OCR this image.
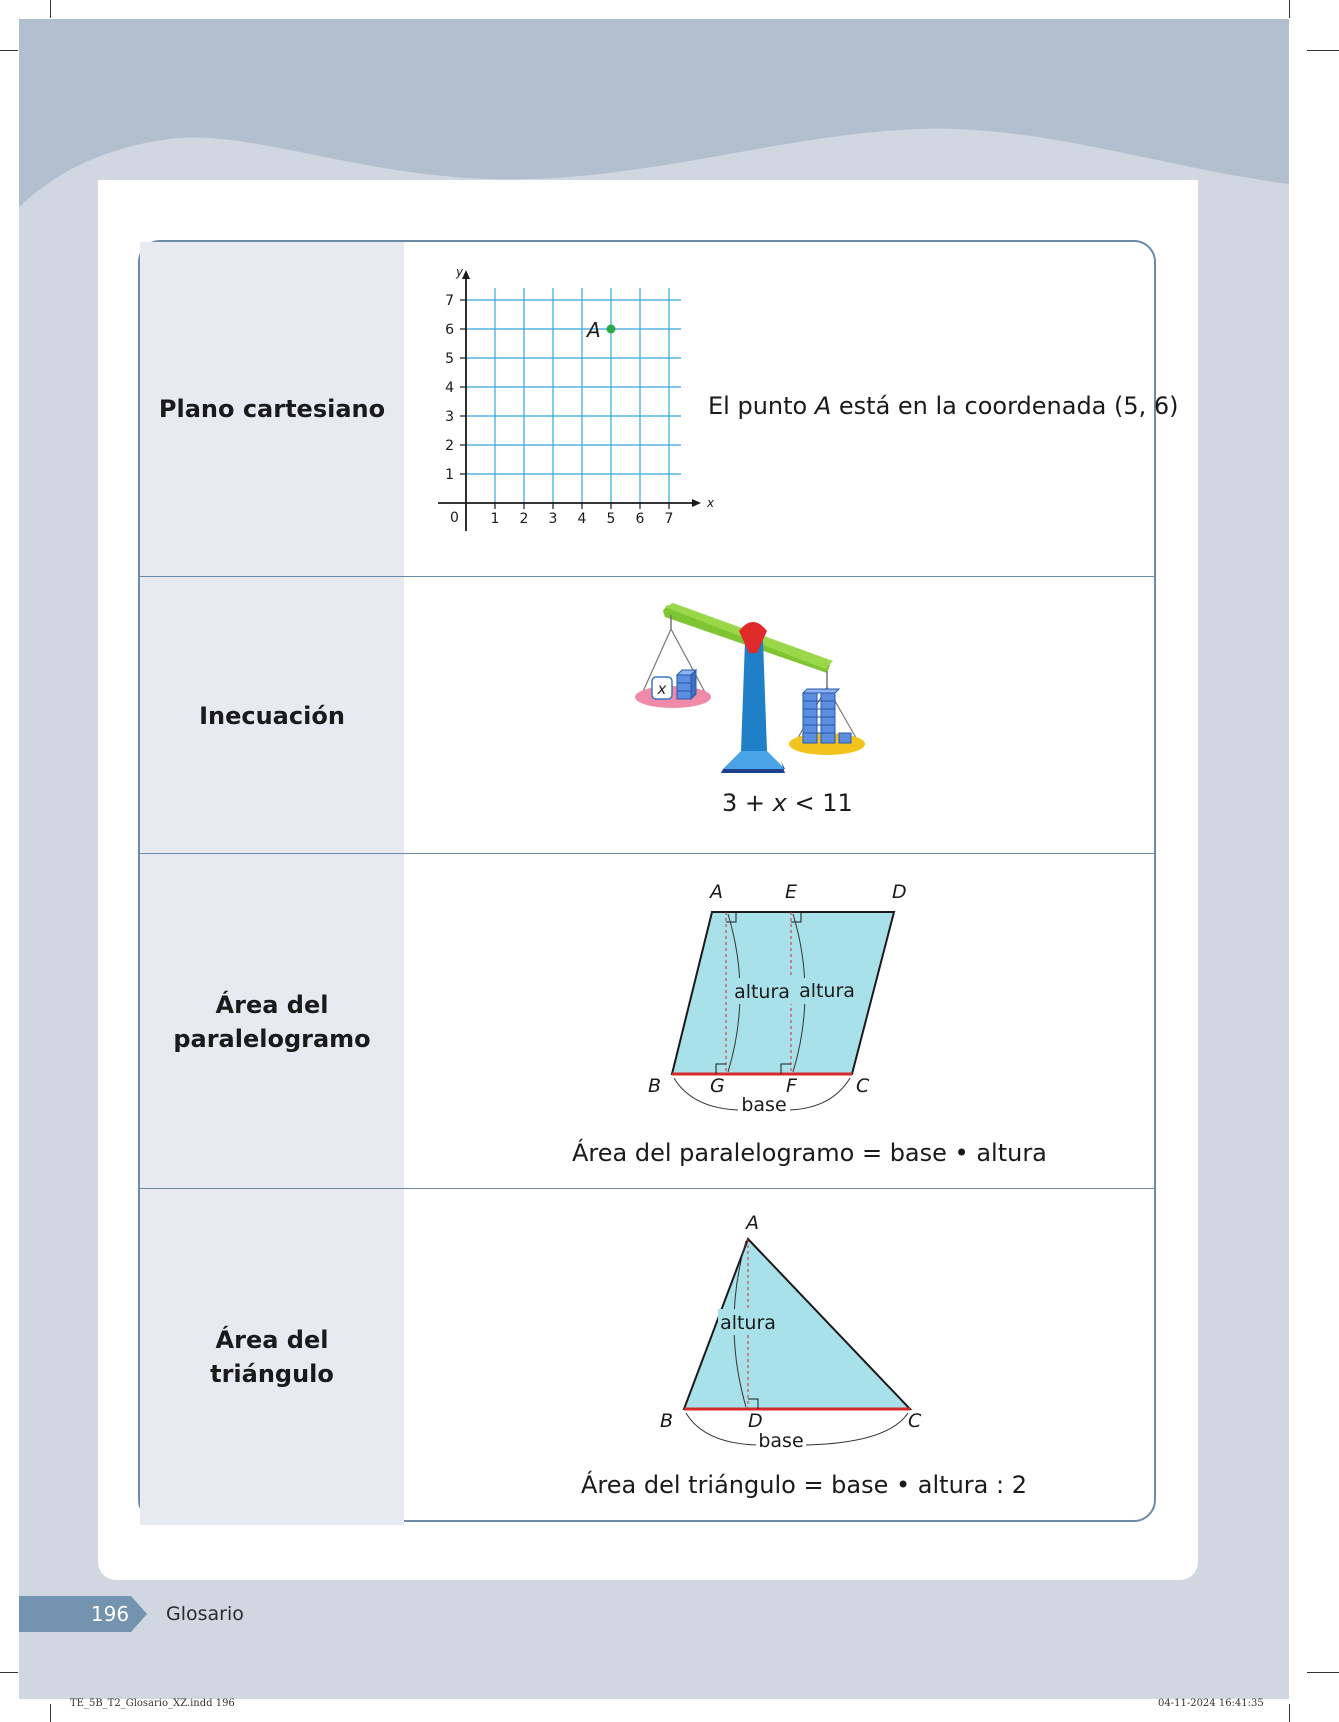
Plano cartesiano
x
y
0 1 2 3 4 5 6 7
1
2
3
4
5
6
7
A
El punto A está en la coordenada (5, 6)
Inecuación
x
3 + x < 11
Área del
paralelogramo
altura altura
base
A	E	D
B	G	F	C
Área del paralelogramo = base • altura
Área del triángulo
altura
base
A
B	D	C
Área del triángulo = base • altura : 2
196	Glosario
TE_5B_T2_Glosario_XZ.indd 196	04-11-2024 16:41:35
